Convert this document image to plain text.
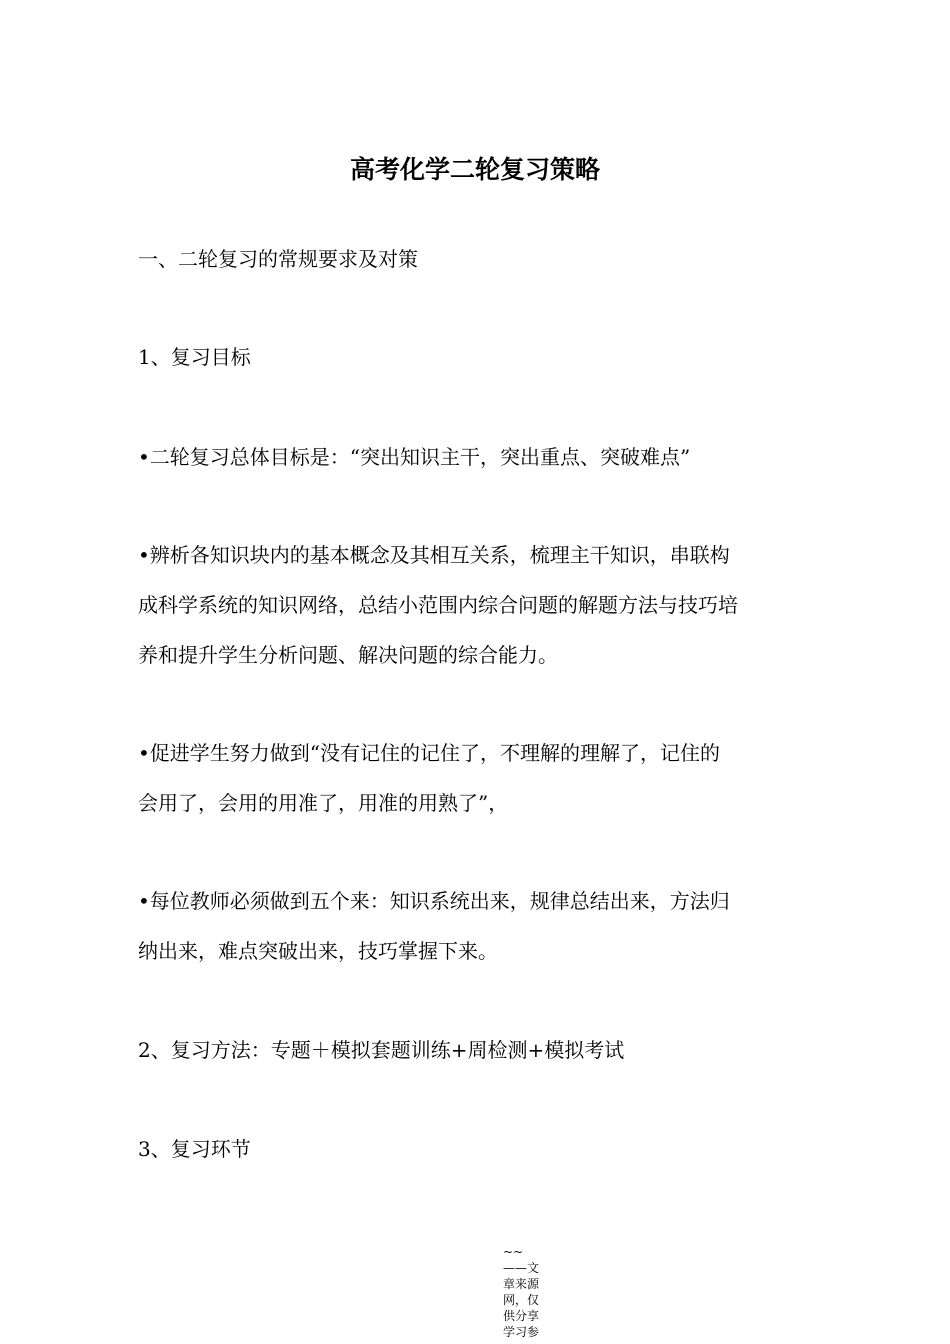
高考化学二轮复习策略
一、二轮复习的常规要求及对策
1、复习目标
•二轮复习总体目标是：“突出知识主干，突出重点、突破难点”
•辨析各知识块内的基本概念及其相互关系，梳理主干知识，串联构
成科学系统的知识网络，总结小范围内综合问题的解题方法与技巧培
养和提升学生分析问题、解决问题的综合能力。
•促进学生努力做到“没有记住的记住了，不理解的理解了，记住的
会用了，会用的用准了，用准的用熟了”，
•每位教师必须做到五个来：知识系统出来，规律总结出来，方法归
纳出来，难点突破出来，技巧掌握下来。
2、复习方法：专题＋模拟套题训练+周检测+模拟考试
3、复习环节
~~
——文
章来源
网，仅
供分享
学习参
